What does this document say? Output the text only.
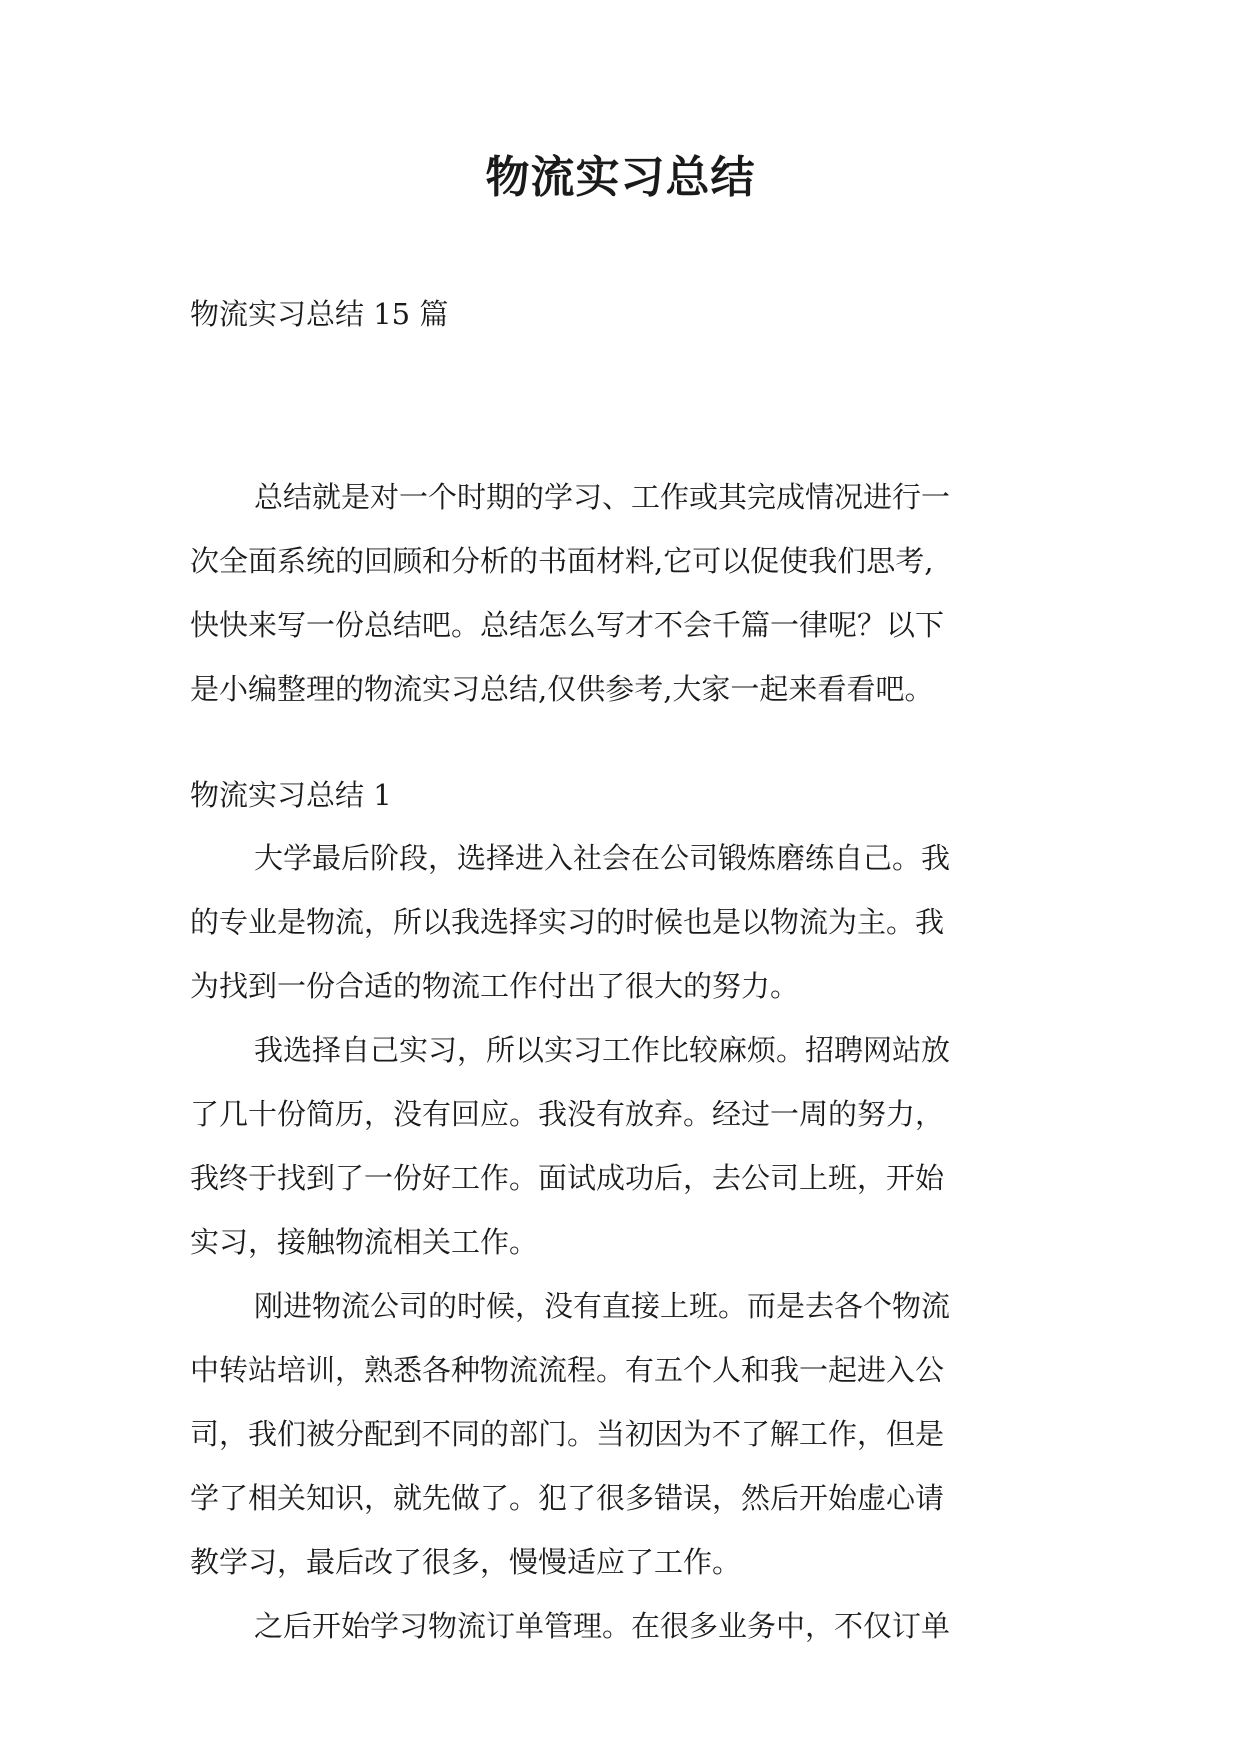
物流实习总结

物流实习总结 15 篇

总结就是对一个时期的学习、工作或其完成情况进行一
次全面系统的回顾和分析的书面材料,它可以促使我们思考,
快快来写一份总结吧。总结怎么写才不会千篇一律呢？以下
是小编整理的物流实习总结,仅供参考,大家一起来看看吧。
物流实习总结 1
大学最后阶段，选择进入社会在公司锻炼磨练自己。我
的专业是物流，所以我选择实习的时候也是以物流为主。我
为找到一份合适的物流工作付出了很大的努力。
我选择自己实习，所以实习工作比较麻烦。招聘网站放
了几十份简历，没有回应。我没有放弃。经过一周的努力，
我终于找到了一份好工作。面试成功后，去公司上班，开始
实习，接触物流相关工作。
刚进物流公司的时候，没有直接上班。而是去各个物流
中转站培训，熟悉各种物流流程。有五个人和我一起进入公
司，我们被分配到不同的部门。当初因为不了解工作，但是
学了相关知识，就先做了。犯了很多错误，然后开始虚心请
教学习，最后改了很多，慢慢适应了工作。
之后开始学习物流订单管理。在很多业务中，不仅订单
